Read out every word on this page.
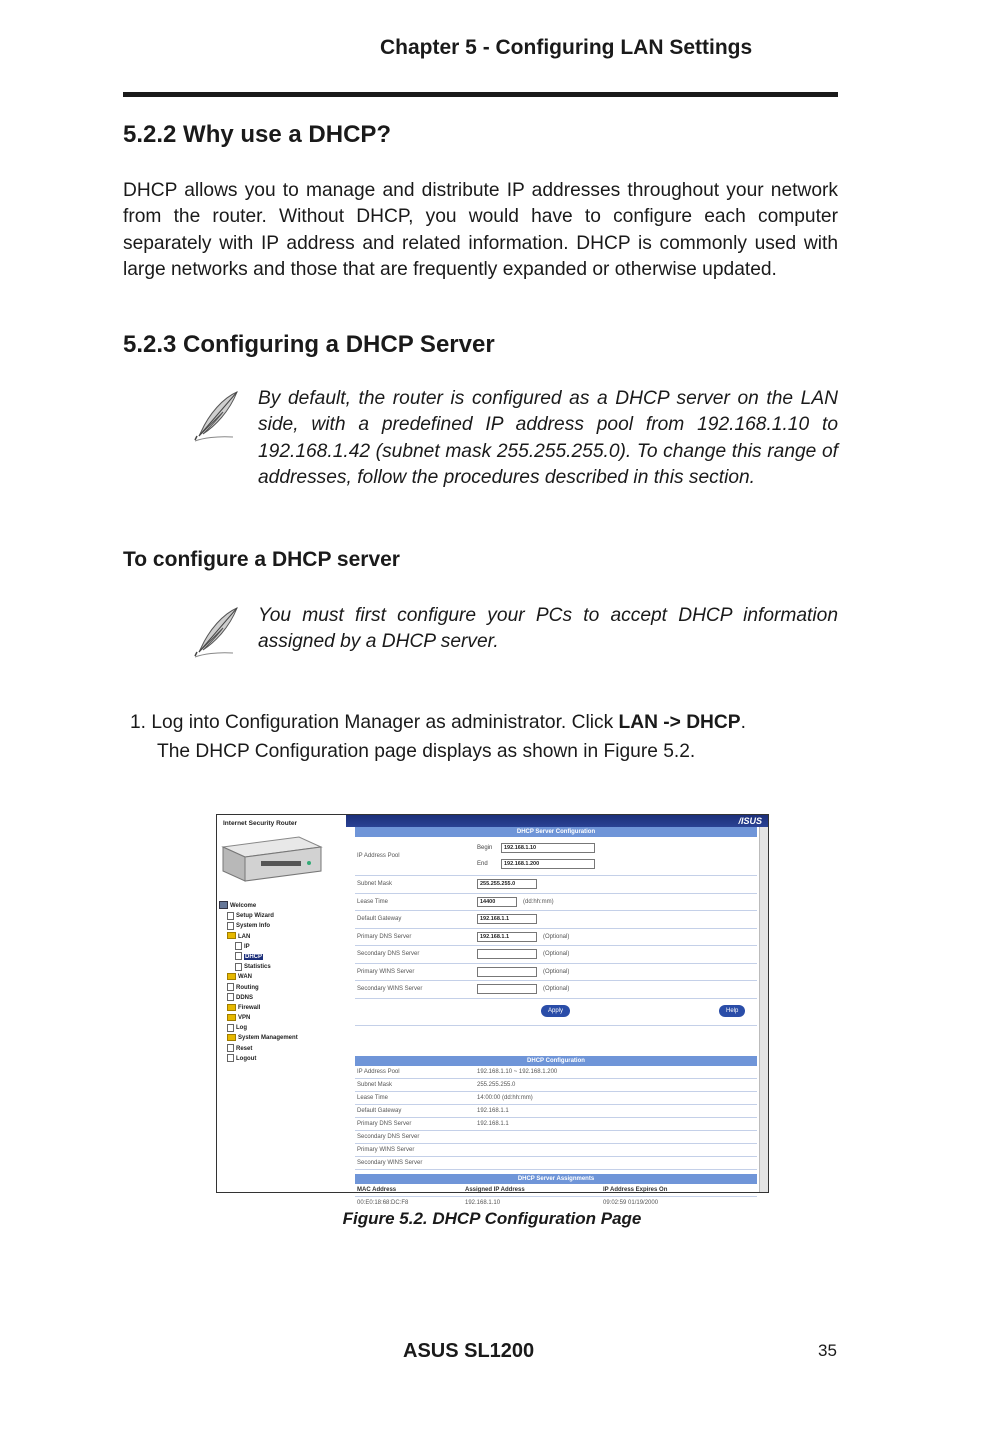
Chapter 5 - Configuring LAN Settings
5.2.2 Why use a DHCP?
DHCP allows you to manage and distribute IP addresses throughout your network from the router. Without DHCP, you would have to configure each computer separately with IP address and related information. DHCP is commonly used with large networks and those that are frequently expanded or otherwise updated.
5.2.3 Configuring a DHCP Server
By default, the router is configured as a DHCP server on the LAN side, with a predefined IP address pool from 192.168.1.10 to 192.168.1.42 (subnet mask 255.255.255.0). To change this range of addresses, follow the procedures described in this section.
To configure a DHCP server
You must first configure your PCs to accept DHCP information assigned by a DHCP server.
1. Log into Configuration Manager as administrator. Click LAN -> DHCP.
The DHCP Configuration page displays as shown in Figure 5.2.
Internet Security Router
Welcome
Setup Wizard
System Info
LAN
IP
DHCP
Statistics
WAN
Routing
DDNS
Firewall
VPN
Log
System Management
Reset
Logout
/ISUS
DHCP Server Configuration
IP Address Pool
Begin	192.168.1.10
End	192.168.1.200
Subnet Mask	255.255.255.0
Lease Time	14400	(dd:hh:mm)
Default Gateway	192.168.1.1
Primary DNS Server	192.168.1.1	(Optional)
Secondary DNS Server	(Optional)
Primary WINS Server	(Optional)
Secondary WINS Server	(Optional)
Apply	Help
DHCP Configuration
IP Address Pool	192.168.1.10 ~ 192.168.1.200
Subnet Mask	255.255.255.0
Lease Time	14:00:00 (dd:hh:mm)
Default Gateway	192.168.1.1
Primary DNS Server	192.168.1.1
Secondary DNS Server
Primary WINS Server
Secondary WINS Server
DHCP Server Assignments
MAC Address	Assigned IP Address	IP Address Expires On
00:E0:18:68:DC:F8	192.168.1.10	09:02:59 01/19/2000
Figure 5.2. DHCP Configuration Page
ASUS SL1200	35
